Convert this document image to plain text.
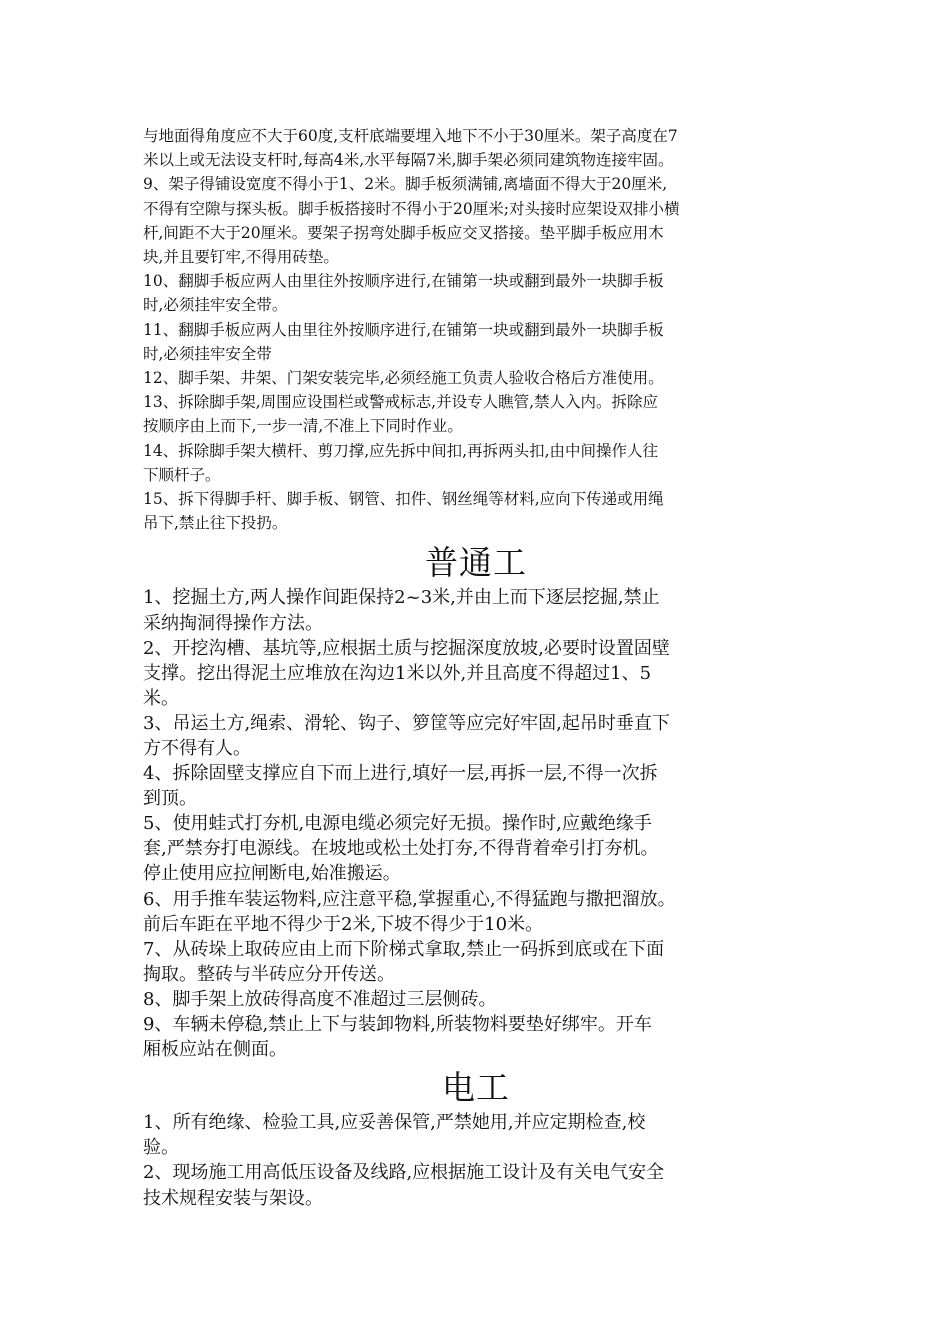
与地面得角度应不大于60度,支杆底端要埋入地下不小于30厘米。架子高度在7
米以上或无法设支杆时,每高4米,水平每隔7米,脚手架必须同建筑物连接牢固。

9、架子得铺设宽度不得小于1、2米。脚手板须满铺,离墙面不得大于20厘米,
不得有空隙与探头板。脚手板搭接时不得小于20厘米;对头接时应架设双排小横
杆,间距不大于20厘米。要架子拐弯处脚手板应交叉搭接。垫平脚手板应用木
块,并且要钉牢,不得用砖垫。

10、翻脚手板应两人由里往外按顺序进行,在铺第一块或翻到最外一块脚手板
时,必须挂牢安全带。

11、翻脚手板应两人由里往外按顺序进行,在铺第一块或翻到最外一块脚手板
时,必须挂牢安全带

12、脚手架、井架、门架安装完毕,必须经施工负责人验收合格后方准使用。

13、拆除脚手架,周围应设围栏或警戒标志,并设专人瞧管,禁人入内。拆除应
按顺序由上而下,一步一清,不准上下同时作业。

14、拆除脚手架大横杆、剪刀撑,应先拆中间扣,再拆两头扣,由中间操作人往
下顺杆子。

15、拆下得脚手杆、脚手板、钢管、扣件、钢丝绳等材料,应向下传递或用绳
吊下,禁止往下投扔。

普通工

1、挖掘土方,两人操作间距保持2~3米,并由上而下逐层挖掘,禁止
采纳掏洞得操作方法。

2、开挖沟槽、基坑等,应根据土质与挖掘深度放坡,必要时设置固壁
支撑。挖出得泥土应堆放在沟边1米以外,并且高度不得超过1、5
米。

3、吊运土方,绳索、滑轮、钩子、箩筐等应完好牢固,起吊时垂直下
方不得有人。

4、拆除固壁支撑应自下而上进行,填好一层,再拆一层,不得一次拆
到顶。

5、使用蛙式打夯机,电源电缆必须完好无损。操作时,应戴绝缘手
套,严禁夯打电源线。在坡地或松土处打夯,不得背着牵引打夯机。
停止使用应拉闸断电,始准搬运。

6、用手推车装运物料,应注意平稳,掌握重心,不得猛跑与撒把溜放。
前后车距在平地不得少于2米,下坡不得少于10米。

7、从砖垛上取砖应由上而下阶梯式拿取,禁止一码拆到底或在下面
掏取。整砖与半砖应分开传送。

8、脚手架上放砖得高度不准超过三层侧砖。

9、车辆未停稳,禁止上下与装卸物料,所装物料要垫好绑牢。开车
厢板应站在侧面。

电工

1、所有绝缘、检验工具,应妥善保管,严禁她用,并应定期检查,校
验。

2、现场施工用高低压设备及线路,应根据施工设计及有关电气安全
技术规程安装与架设。
